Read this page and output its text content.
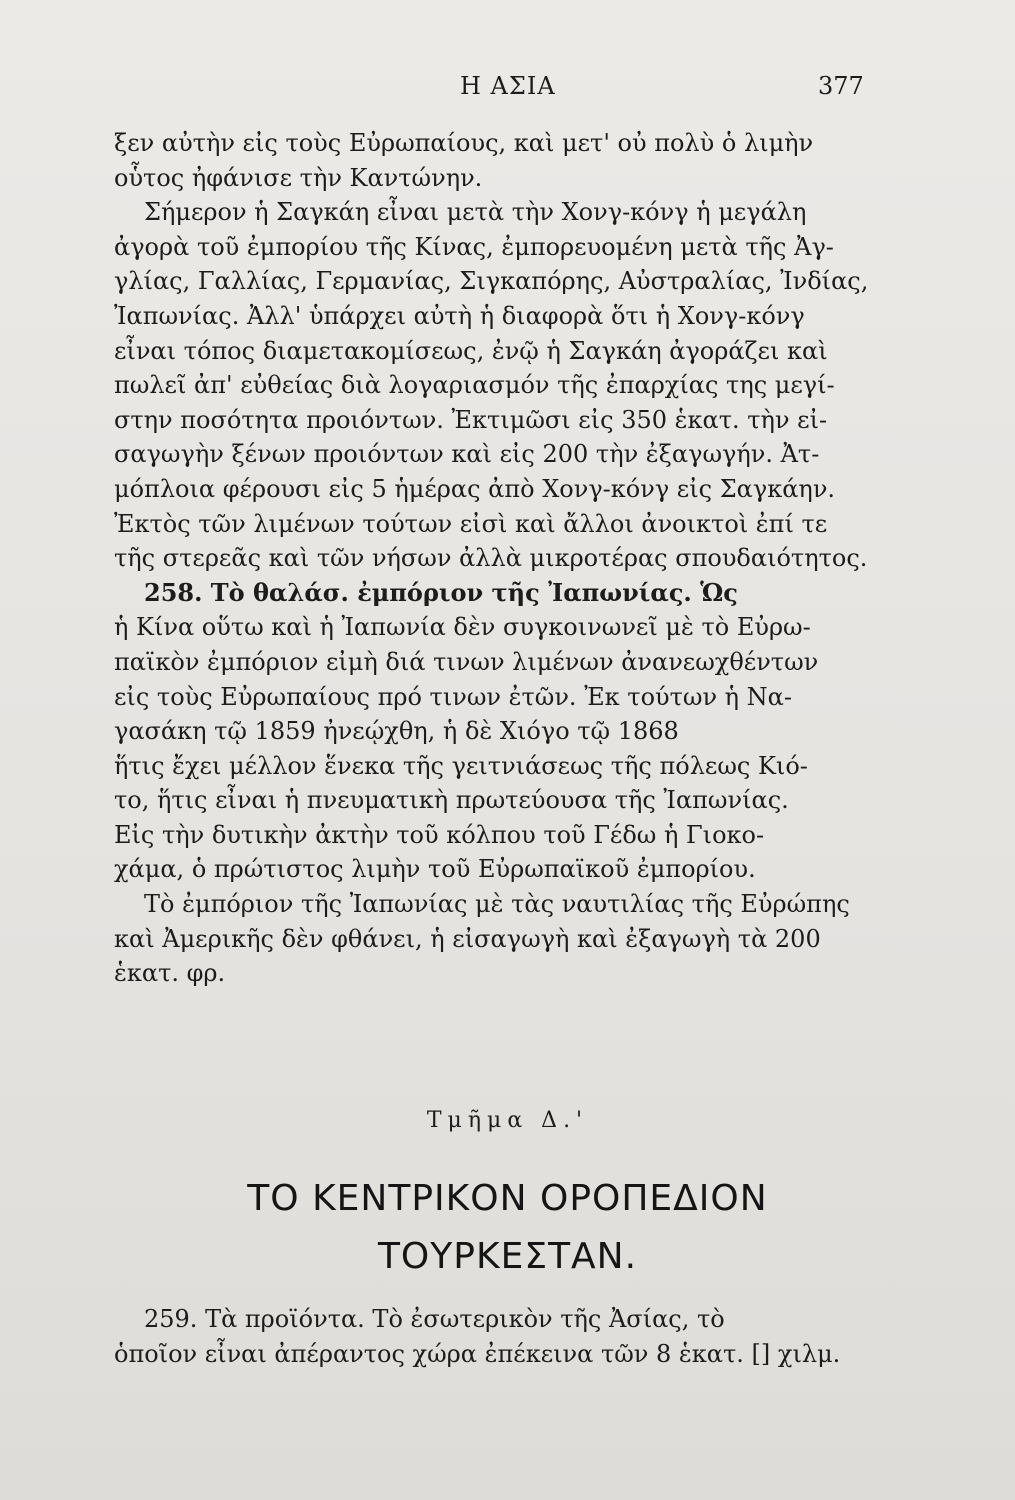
Η ΑΣΙΑ	377
ξεν αὐτὴν εἰς τοὺς Εὐρωπαίους, καὶ μετ' οὐ πολὺ ὁ λιμὴν
οὗτος ἠφάνισε τὴν Καντώνην.
Σήμερον ἡ Σαγκάη εἶναι μετὰ τὴν Χονγ-κόνγ ἡ μεγάλη
ἀγορὰ τοῦ ἐμπορίου τῆς Κίνας, ἐμπορευομένη μετὰ τῆς Ἀγ-
γλίας, Γαλλίας, Γερμανίας, Σιγκαπόρης, Αὐστραλίας, Ἰνδίας,
Ἰαπωνίας. Ἀλλ' ὑπάρχει αὐτὴ ἡ διαφορὰ ὅτι ἡ Χονγ-κόνγ
εἶναι τόπος διαμετακομίσεως, ἐνῷ ἡ Σαγκάη ἀγοράζει καὶ
πωλεῖ ἀπ' εὐθείας διὰ λογαριασμόν τῆς ἐπαρχίας της μεγί-
στην ποσότητα προιόντων. Ἐκτιμῶσι εἰς 350 ἑκατ. τὴν εἰ-
σαγωγὴν ξένων προιόντων καὶ εἰς 200 τὴν ἐξαγωγήν. Ἀτ-
μόπλοια φέρουσι εἰς 5 ἡμέρας ἀπὸ Χονγ-κόνγ εἰς Σαγκάην.
Ἐκτὸς τῶν λιμένων τούτων εἰσὶ καὶ ἄλλοι ἀνοικτοὶ ἐπί τε
τῆς στερεᾶς καὶ τῶν νήσων ἀλλὰ μικροτέρας σπουδαιότητος.
258. Τὸ θαλάσ. ἐμπόριον τῆς Ἰαπωνίας. Ὡς
ἡ Κίνα οὕτω καὶ ἡ Ἰαπωνία δὲν συγκοινωνεῖ μὲ τὸ Εὐρω-
παϊκὸν ἐμπόριον εἰμὴ διά τινων λιμένων ἀνανεωχθέντων
εἰς τοὺς Εὐρωπαίους πρό τινων ἐτῶν. Ἐκ τούτων ἡ Να-
γασάκη τῷ 1859 ἠνεῴχθη, ἡ δὲ Χιόγο τῷ 1868
ἥτις ἔχει μέλλον ἕνεκα τῆς γειτνιάσεως τῆς πόλεως Κιό-
το, ἥτις εἶναι ἡ πνευματικὴ πρωτεύουσα τῆς Ἰαπωνίας.
Εἰς τὴν δυτικὴν ἀκτὴν τοῦ κόλπου τοῦ Γέδω ἡ Γιοκο-
χάμα, ὁ πρώτιστος λιμὴν τοῦ Εὐρωπαϊκοῦ ἐμπορίου.
Τὸ ἐμπόριον τῆς Ἰαπωνίας μὲ τὰς ναυτιλίας τῆς Εὐρώπης
καὶ Ἀμερικῆς δὲν φθάνει, ἡ εἰσαγωγὴ καὶ ἐξαγωγὴ τὰ 200
ἑκατ. φρ.
Τμῆμα Δ.'
ΤΟ ΚΕΝΤΡΙΚΟΝ ΟΡΟΠΕΔΙΟΝ
ΤΟΥΡΚΕΣΤΑΝ.
259. Τὰ προϊόντα. Τὸ ἐσωτερικὸν τῆς Ἀσίας, τὸ
ὁποῖον εἶναι ἀπέραντος χώρα ἐπέκεινα τῶν 8 ἑκατ. [] χιλμ.
